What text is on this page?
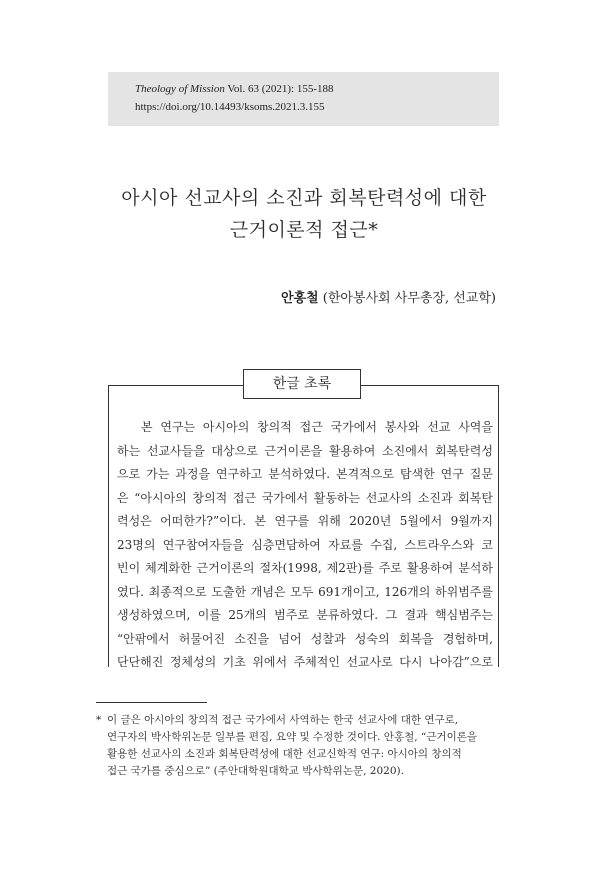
Theology of Mission Vol. 63 (2021): 155-188
https://doi.org/10.14493/ksoms.2021.3.155
아시아 선교사의 소진과 회복탄력성에 대한
근거이론적 접근*
안홍철 (한아봉사회 사무총장, 선교학)
한글 초록
본 연구는 아시아의 창의적 접근 국가에서 봉사와 선교 사역을
하는 선교사들을 대상으로 근거이론을 활용하여 소진에서 회복탄력성
으로 가는 과정을 연구하고 분석하였다. 본격적으로 탐색한 연구 질문
은 “아시아의 창의적 접근 국가에서 활동하는 선교사의 소진과 회복탄
력성은 어떠한가?”이다. 본 연구를 위해 2020년 5월에서 9월까지
23명의 연구참여자들을 심층면담하여 자료를 수집, 스트라우스와 코
빈이 체계화한 근거이론의 절차(1998, 제2판)를 주로 활용하여 분석하
였다. 최종적으로 도출한 개념은 모두 691개이고, 126개의 하위범주를
생성하였으며, 이를 25개의 범주로 분류하였다. 그 결과 핵심범주는
“안팎에서 허물어진 소진을 넘어 성찰과 성숙의 회복을 경험하며,
단단해진 정체성의 기초 위에서 주체적인 선교사로 다시 나아감”으로
* 이 글은 아시아의 창의적 접근 국가에서 사역하는 한국 선교사에 대한 연구로,
연구자의 박사학위논문 일부를 편집, 요약 및 수정한 것이다. 안홍철, “근거이론을
활용한 선교사의 소진과 회복탄력성에 대한 선교신학적 연구: 아시아의 창의적
접근 국가를 중심으로” (주안대학원대학교 박사학위논문, 2020).
